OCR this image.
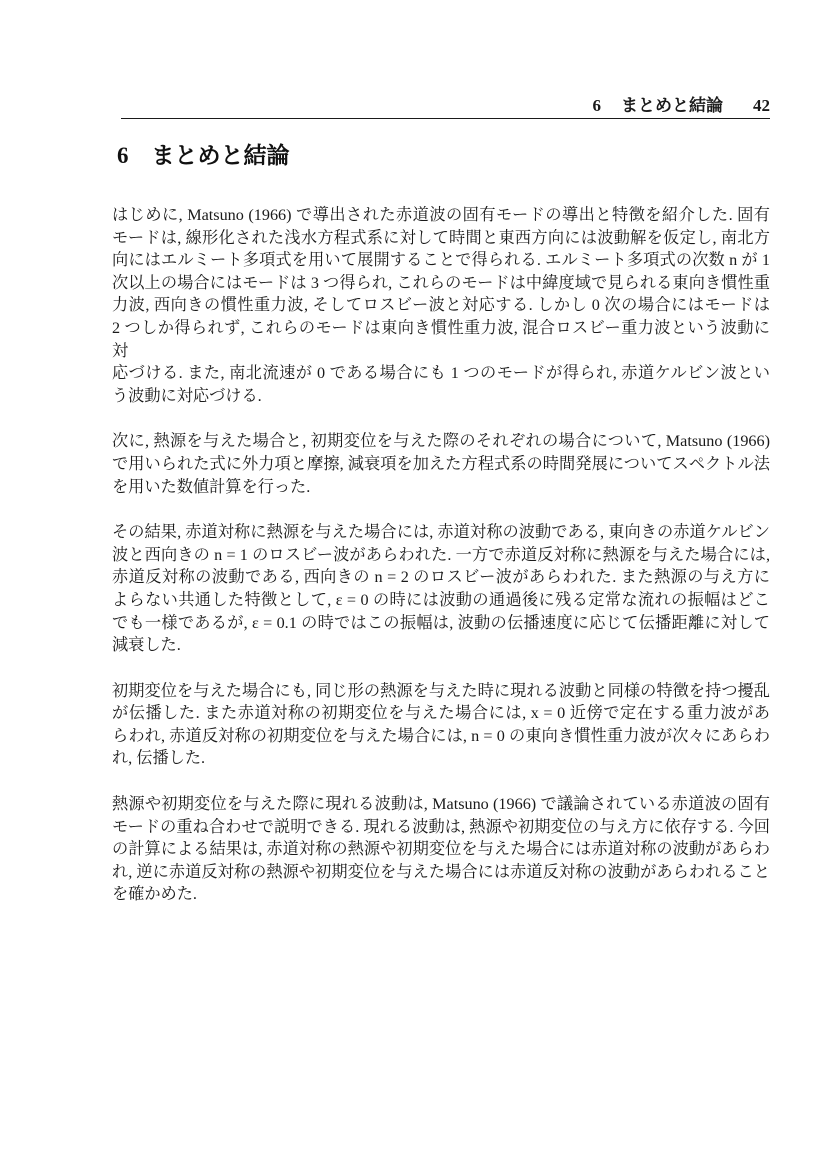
6 まとめと結論 42
6 まとめと結論
はじめに, Matsuno (1966) で導出された赤道波の固有モードの導出と特徴を紹介した. 固有
モードは, 線形化された浅水方程式系に対して時間と東西方向には波動解を仮定し, 南北方
向にはエルミート多項式を用いて展開することで得られる. エルミート多項式の次数 n が 1
次以上の場合にはモードは 3 つ得られ, これらのモードは中緯度域で見られる東向き慣性重
力波, 西向きの慣性重力波, そしてロスビー波と対応する. しかし 0 次の場合にはモードは
2 つしか得られず, これらのモードは東向き慣性重力波, 混合ロスビー重力波という波動に対
応づける. また, 南北流速が 0 である場合にも 1 つのモードが得られ, 赤道ケルビン波とい
う波動に対応づける.
次に, 熱源を与えた場合と, 初期変位を与えた際のそれぞれの場合について, Matsuno (1966)
で用いられた式に外力項と摩擦, 減衰項を加えた方程式系の時間発展についてスペクトル法
を用いた数値計算を行った.
その結果, 赤道対称に熱源を与えた場合には, 赤道対称の波動である, 東向きの赤道ケルビン
波と西向きの n = 1 のロスビー波があらわれた. 一方で赤道反対称に熱源を与えた場合には,
赤道反対称の波動である, 西向きの n = 2 のロスビー波があらわれた. また熱源の与え方に
よらない共通した特徴として, ε = 0 の時には波動の通過後に残る定常な流れの振幅はどこ
でも一様であるが, ε = 0.1 の時ではこの振幅は, 波動の伝播速度に応じて伝播距離に対して
減衰した.
初期変位を与えた場合にも, 同じ形の熱源を与えた時に現れる波動と同様の特徴を持つ擾乱
が伝播した. また赤道対称の初期変位を与えた場合には, x = 0 近傍で定在する重力波があ
らわれ, 赤道反対称の初期変位を与えた場合には, n = 0 の東向き慣性重力波が次々にあらわ
れ, 伝播した.
熱源や初期変位を与えた際に現れる波動は, Matsuno (1966) で議論されている赤道波の固有
モードの重ね合わせで説明できる. 現れる波動は, 熱源や初期変位の与え方に依存する. 今回
の計算による結果は, 赤道対称の熱源や初期変位を与えた場合には赤道対称の波動があらわ
れ, 逆に赤道反対称の熱源や初期変位を与えた場合には赤道反対称の波動があらわれること
を確かめた.
